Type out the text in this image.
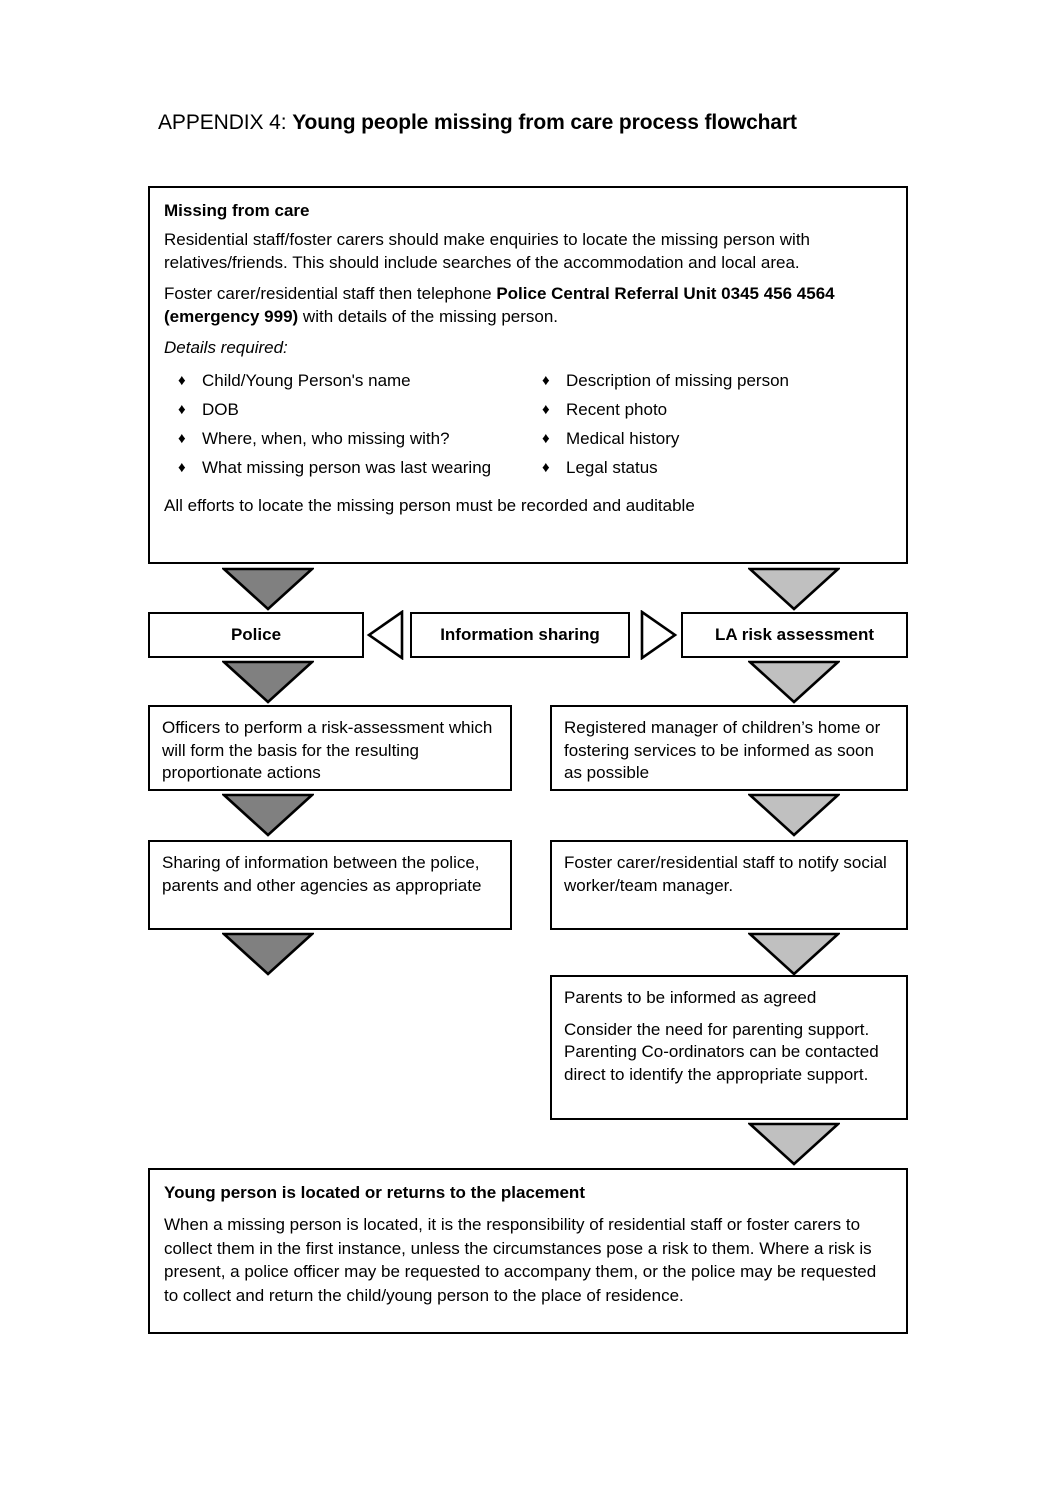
APPENDIX 4: Young people missing from care process flowchart
Missing from care

Residential staff/foster carers should make enquiries to locate the missing person with relatives/friends. This should include searches of the accommodation and local area.

Foster carer/residential staff then telephone Police Central Referral Unit 0345 456 4564 (emergency 999) with details of the missing person.

Details required:

♦ Child/Young Person's name
♦ DOB
♦ Where, when, who missing with?
♦ What missing person was last wearing
♦ Description of missing person
♦ Recent photo
♦ Medical history
♦ Legal status

All efforts to locate the missing person must be recorded and auditable

Police	Information sharing	LA risk assessment

Officers to perform a risk-assessment which will form the basis for the resulting proportionate actions

Registered manager of children’s home or fostering services to be informed as soon as possible

Sharing of information between the police, parents and other agencies as appropriate

Foster carer/residential staff to notify social worker/team manager.

Parents to be informed as agreed

Consider the need for parenting support. Parenting Co-ordinators can be contacted direct to identify the appropriate support.

Young person is located or returns to the placement

When a missing person is located, it is the responsibility of residential staff or foster carers to collect them in the first instance, unless the circumstances pose a risk to them. Where a risk is present, a police officer may be requested to accompany them, or the police may be requested to collect and return the child/young person to the place of residence.
